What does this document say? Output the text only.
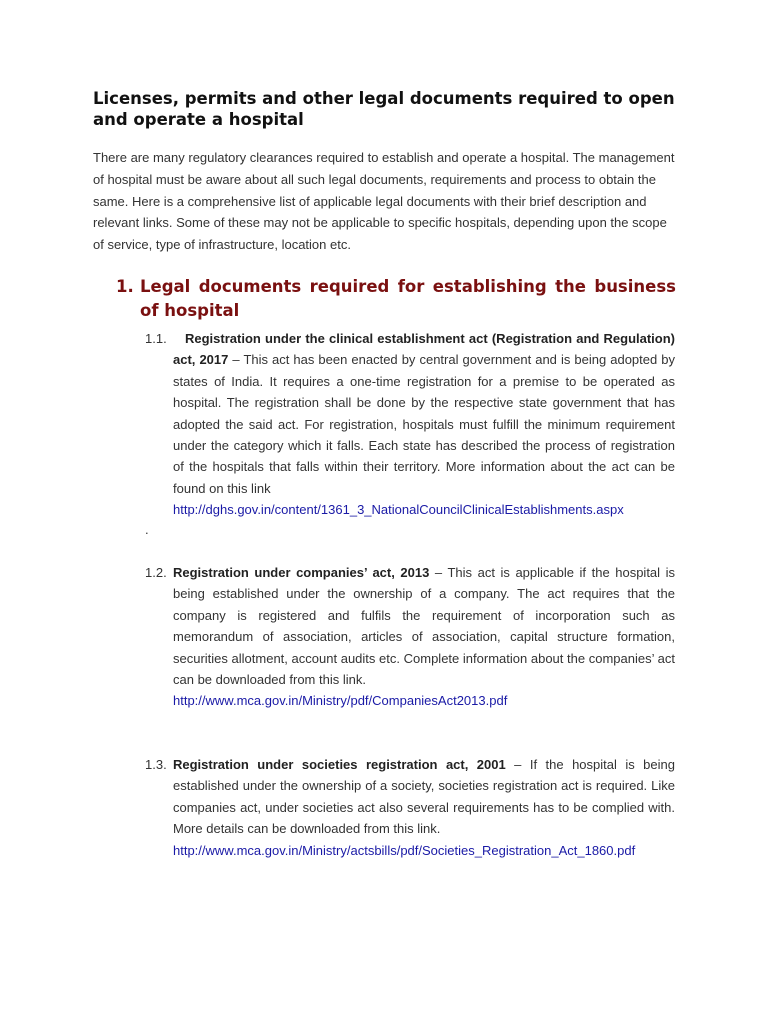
Licenses, permits and other legal documents required to open and operate a hospital

There are many regulatory clearances required to establish and operate a hospital. The management of hospital must be aware about all such legal documents, requirements and process to obtain the same. Here is a comprehensive list of applicable legal documents with their brief description and relevant links. Some of these may not be applicable to specific hospitals, depending upon the scope of service, type of infrastructure, location etc.

1. Legal documents required for establishing the business of hospital
1.1. Registration under the clinical establishment act (Registration and Regulation) act, 2017 – This act has been enacted by central government and is being adopted by states of India. It requires a one-time registration for a premise to be operated as hospital. The registration shall be done by the respective state government that has adopted the said act. For registration, hospitals must fulfill the minimum requirement under the category which it falls. Each state has described the process of registration of the hospitals that falls within their territory. More information about the act can be found on this link
http://dghs.gov.in/content/1361_3_NationalCouncilClinicalEstablishments.aspx
.
1.2. Registration under companies’ act, 2013 – This act is applicable if the hospital is being established under the ownership of a company. The act requires that the company is registered and fulfils the requirement of incorporation such as memorandum of association, articles of association, capital structure formation, securities allotment, account audits etc. Complete information about the companies’ act can be downloaded from this link.
http://www.mca.gov.in/Ministry/pdf/CompaniesAct2013.pdf
1.3. Registration under societies registration act, 2001 – If the hospital is being established under the ownership of a society, societies registration act is required. Like companies act, under societies act also several requirements has to be complied with. More details can be downloaded from this link.
http://www.mca.gov.in/Ministry/actsbills/pdf/Societies_Registration_Act_1860.pdf
